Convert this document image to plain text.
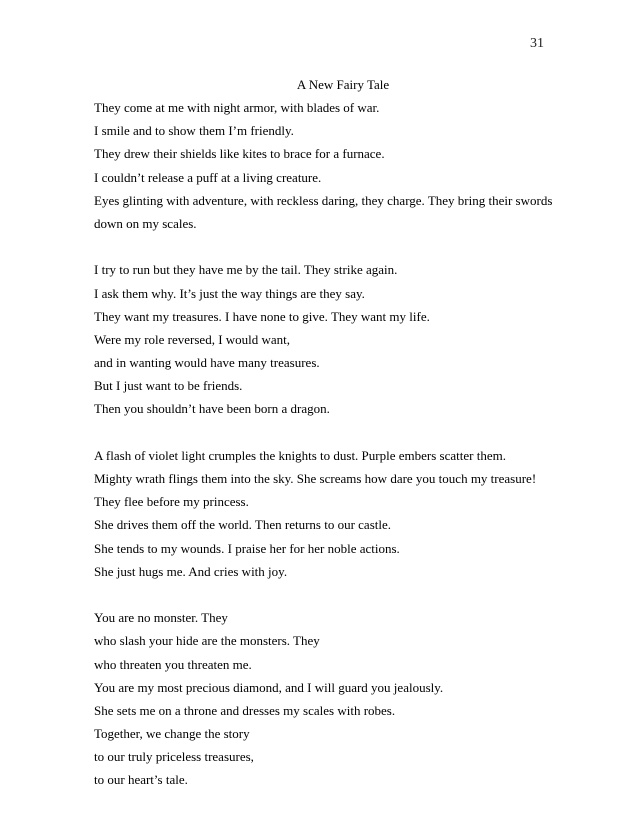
31
A New Fairy Tale
They come at me with night armor, with blades of war.
I smile and to show them I’m friendly.
They drew their shields like kites to brace for a furnace.
I couldn’t release a puff at a living creature.
Eyes glinting with adventure, with reckless daring, they charge. They bring their swords
down on my scales.
I try to run but they have me by the tail. They strike again.
I ask them why. It’s just the way things are they say.
They want my treasures. I have none to give. They want my life.
Were my role reversed, I would want,
and in wanting would have many treasures.
But I just want to be friends.
Then you shouldn’t have been born a dragon.
A flash of violet light crumples the knights to dust. Purple embers scatter them.
Mighty wrath flings them into the sky. She screams how dare you touch my treasure!
They flee before my princess.
She drives them off the world. Then returns to our castle.
She tends to my wounds. I praise her for her noble actions.
She just hugs me. And cries with joy.
You are no monster. They
who slash your hide are the monsters. They
who threaten you threaten me.
You are my most precious diamond, and I will guard you jealously.
She sets me on a throne and dresses my scales with robes.
Together, we change the story
to our truly priceless treasures,
to our heart’s tale.
